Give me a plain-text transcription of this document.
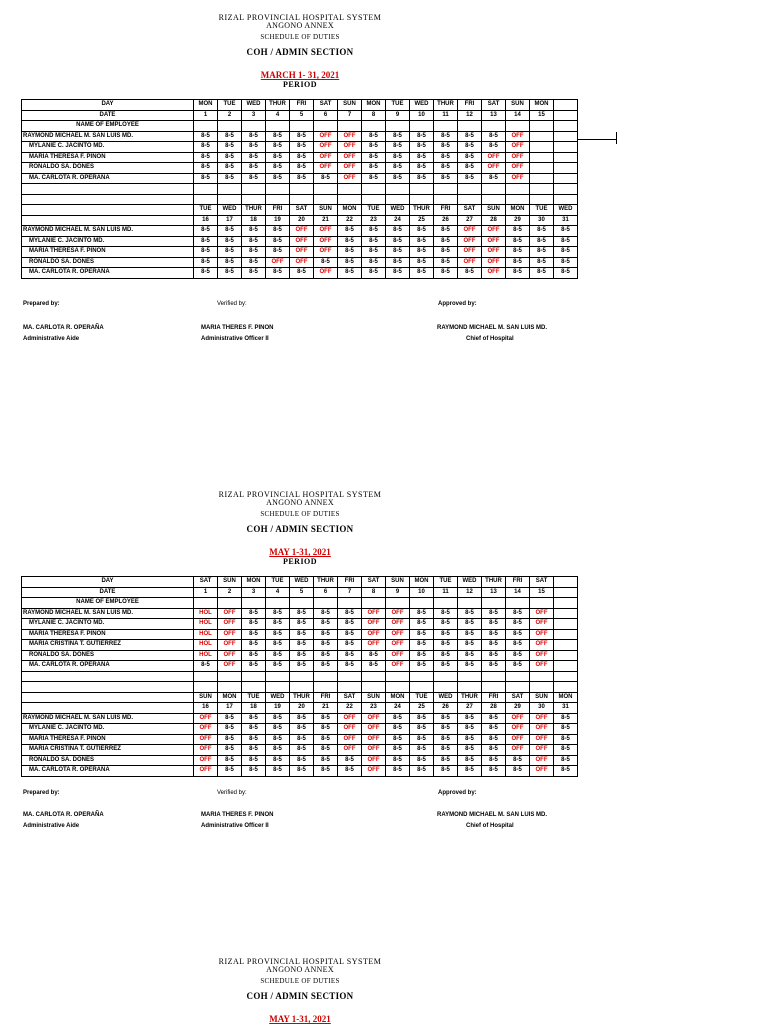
RIZAL PROVINCIAL HOSPITAL SYSTEM
ANGONO ANNEX
SCHEDULE OF DUTIES
COH / ADMIN SECTION
MARCH 1- 31, 2021
PERIOD
DAY	MON	TUE	WED	THUR	FRI	SAT	SUN	MON	TUE	WED	THUR	FRI	SAT	SUN	MON	
DATE	1	2	3	4	5	6	7	8	9	10	11	12	13	14	15	
NAME OF EMPLOYEE																
RAYMOND MICHAEL M. SAN LUIS MD.	8-5	8-5	8-5	8-5	8-5	OFF	OFF	8-5	8-5	8-5	8-5	8-5	8-5	OFF		
MYLANIE C. JACINTO MD.	8-5	8-5	8-5	8-5	8-5	OFF	OFF	8-5	8-5	8-5	8-5	8-5	8-5	OFF		
MARIA THERESA F. PINON	8-5	8-5	8-5	8-5	8-5	OFF	OFF	8-5	8-5	8-5	8-5	8-5	OFF	OFF		
RONALDO SA. DONES	8-5	8-5	8-5	8-5	8-5	OFF	OFF	8-5	8-5	8-5	8-5	8-5	OFF	OFF		
MA. CARLOTA R. OPERAÑA	8-5	8-5	8-5	8-5	8-5	8-5	OFF	8-5	8-5	8-5	8-5	8-5	8-5	OFF		

	TUE	WED	THUR	FRI	SAT	SUN	MON	TUE	WED	THUR	FRI	SAT	SUN	MON	TUE	WED
	16	17	18	19	20	21	22	23	24	25	26	27	28	29	30	31
RAYMOND MICHAEL M. SAN LUIS MD.	8-5	8-5	8-5	8-5	OFF	OFF	8-5	8-5	8-5	8-5	8-5	OFF	OFF	8-5	8-5	8-5
MYLANIE C. JACINTO MD.	8-5	8-5	8-5	8-5	OFF	OFF	8-5	8-5	8-5	8-5	8-5	OFF	OFF	8-5	8-5	8-5
MARIA THERESA F. PINON	8-5	8-5	8-5	8-5	OFF	OFF	8-5	8-5	8-5	8-5	8-5	OFF	OFF	8-5	8-5	8-5
RONALDO SA. DONES	8-5	8-5	8-5	OFF	OFF	8-5	8-5	8-5	8-5	8-5	8-5	OFF	OFF	8-5	8-5	8-5
MA. CARLOTA R. OPERAÑA	8-5	8-5	8-5	8-5	8-5	OFF	8-5	8-5	8-5	8-5	8-5	8-5	OFF	8-5	8-5	8-5
Prepared by:	Verified by:	Approved by:
MA. CARLOTA R. OPERAÑA
Administrative Aide
MARIA THERES F. PINON
Administrative Officer II
RAYMOND MICHAEL M. SAN LUIS MD.
Chief of Hospital
RIZAL PROVINCIAL HOSPITAL SYSTEM
ANGONO ANNEX
SCHEDULE OF DUTIES
COH / ADMIN SECTION
MAY 1-31, 2021
PERIOD
DAY	SAT	SUN	MON	TUE	WED	THUR	FRI	SAT	SUN	MON	TUE	WED	THUR	FRI	SAT	
DATE	1	2	3	4	5	6	7	8	9	10	11	12	13	14	15	
NAME OF EMPLOYEE																
RAYMOND MICHAEL M. SAN LUIS MD.	HOL	OFF	8-5	8-5	8-5	8-5	8-5	OFF	OFF	8-5	8-5	8-5	8-5	8-5	OFF	
MYLANIE C. JACINTO MD.	HOL	OFF	8-5	8-5	8-5	8-5	8-5	OFF	OFF	8-5	8-5	8-5	8-5	8-5	OFF	
MARIA THERESA F. PINON	HOL	OFF	8-5	8-5	8-5	8-5	8-5	OFF	OFF	8-5	8-5	8-5	8-5	8-5	OFF	
MARIA CRISTINA T. GUTIERREZ	HOL	OFF	8-5	8-5	8-5	8-5	8-5	OFF	OFF	8-5	8-5	8-5	8-5	8-5	OFF	
RONALDO SA. DONES	HOL	OFF	8-5	8-5	8-5	8-5	8-5	8-5	OFF	8-5	8-5	8-5	8-5	8-5	OFF	
MA. CARLOTA R. OPERAÑA	8-5	OFF	8-5	8-5	8-5	8-5	8-5	8-5	OFF	8-5	8-5	8-5	8-5	8-5	OFF	

	SUN	MON	TUE	WED	THUR	FRI	SAT	SUN	MON	TUE	WED	THUR	FRI	SAT	SUN	MON
	16	17	18	19	20	21	22	23	24	25	26	27	28	29	30	31
RAYMOND MICHAEL M. SAN LUIS MD.	OFF	8-5	8-5	8-5	8-5	8-5	OFF	OFF	8-5	8-5	8-5	8-5	8-5	OFF	OFF	8-5
MYLANIE C. JACINTO MD.	OFF	8-5	8-5	8-5	8-5	8-5	OFF	OFF	8-5	8-5	8-5	8-5	8-5	OFF	OFF	8-5
MARIA THERESA F. PINON	OFF	8-5	8-5	8-5	8-5	8-5	OFF	OFF	8-5	8-5	8-5	8-5	8-5	OFF	OFF	8-5
MARIA CRISTINA T. GUTIERREZ	OFF	8-5	8-5	8-5	8-5	8-5	OFF	OFF	8-5	8-5	8-5	8-5	8-5	OFF	OFF	8-5
RONALDO SA. DONES	OFF	8-5	8-5	8-5	8-5	8-5	8-5	OFF	8-5	8-5	8-5	8-5	8-5	8-5	OFF	8-5
MA. CARLOTA R. OPERAÑA	OFF	8-5	8-5	8-5	8-5	8-5	8-5	OFF	8-5	8-5	8-5	8-5	8-5	8-5	OFF	8-5
Prepared by:	Verified by:	Approved by:
MA. CARLOTA R. OPERAÑA
Administrative Aide
MARIA THERES F. PINON
Administrative Officer II
RAYMOND MICHAEL M. SAN LUIS MD.
Chief of Hospital
RIZAL PROVINCIAL HOSPITAL SYSTEM
ANGONO ANNEX
SCHEDULE OF DUTIES
COH / ADMIN SECTION
MAY 1-31, 2021
